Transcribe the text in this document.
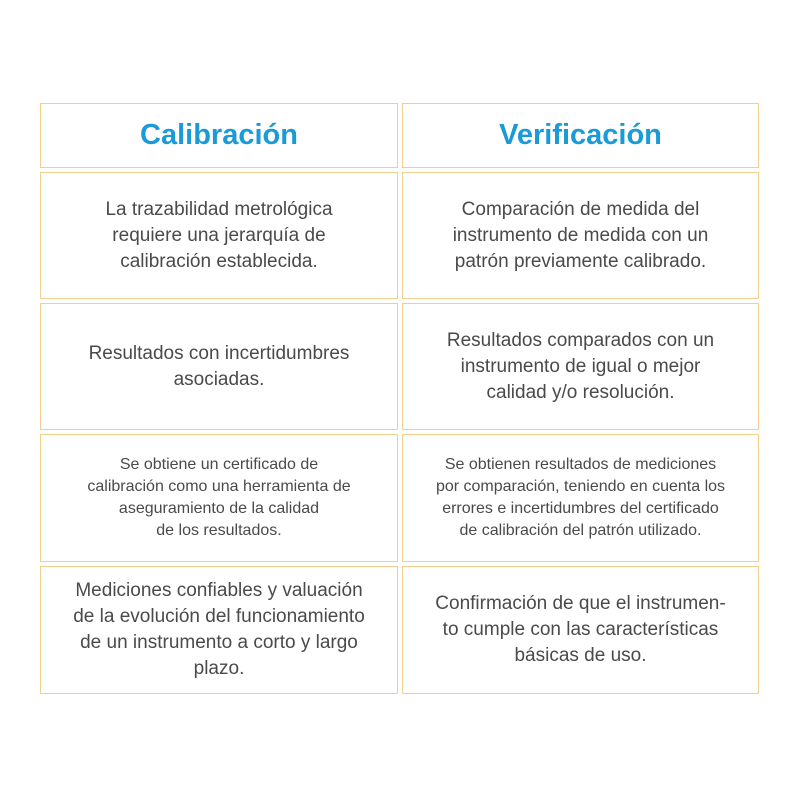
Calibración	Verificación
La trazabilidad metrológica
requiere una jerarquía de
calibración establecida.
Comparación de medida del
instrumento de medida con un
patrón previamente calibrado.
Resultados con incertidumbres
asociadas.
Resultados comparados con un
instrumento de igual o mejor
calidad y/o resolución.
Se obtiene un certificado de
calibración como una herramienta de
aseguramiento de la calidad
de los resultados.
Se obtienen resultados de mediciones
por comparación, teniendo en cuenta los
errores e incertidumbres del certificado
de calibración del patrón utilizado.
Mediciones confiables y valuación
de la evolución del funcionamiento
de un instrumento a corto y largo
plazo.
Confirmación de que el instrumen-
to cumple con las características
básicas de uso.
